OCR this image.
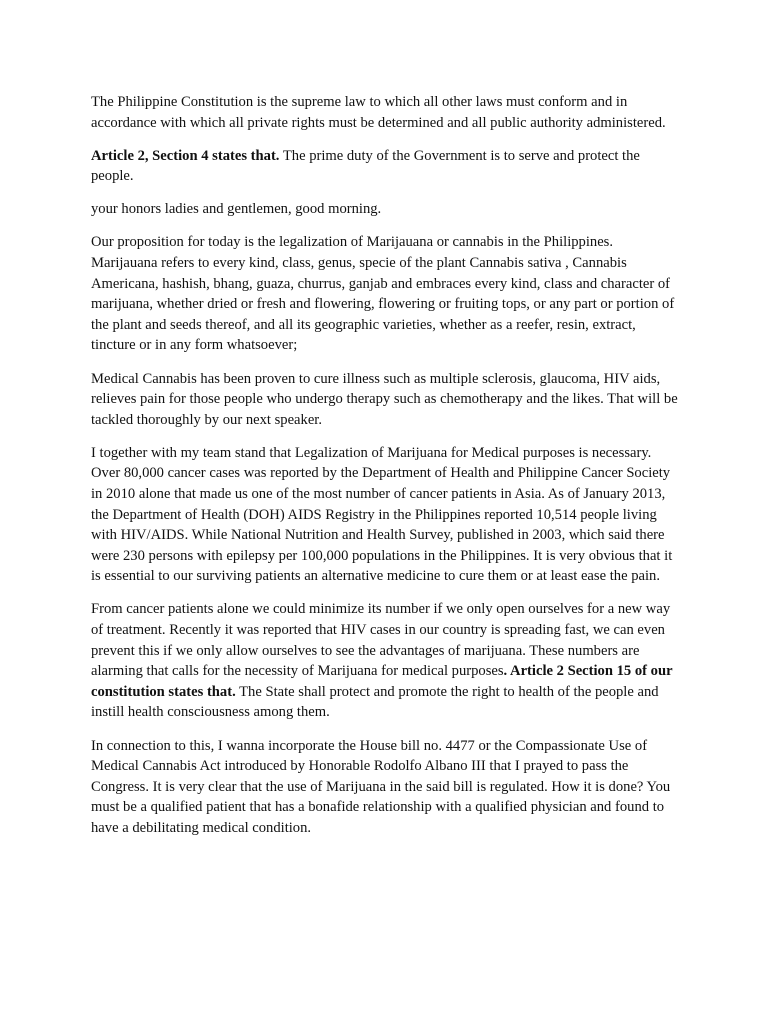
The Philippine Constitution is the supreme law to which all other laws must conform and in accordance with which all private rights must be determined and all public authority administered.

Article 2, Section 4 states that. The prime duty of the Government is to serve and protect the people.

your honors ladies and gentlemen, good morning.

Our proposition for today is the legalization of Marijauana or cannabis in the Philippines. Marijauana refers to every kind, class, genus, specie of the plant Cannabis sativa , Cannabis Americana, hashish, bhang, guaza, churrus, ganjab and embraces every kind, class and character of marijuana, whether dried or fresh and flowering, flowering or fruiting tops, or any part or portion of the plant and seeds thereof, and all its geographic varieties, whether as a reefer, resin, extract, tincture or in any form whatsoever;

Medical Cannabis has been proven to cure illness such as multiple sclerosis, glaucoma, HIV aids, relieves pain for those people who undergo therapy such as chemotherapy and the likes. That will be tackled thoroughly by our next speaker.

I together with my team stand that Legalization of Marijuana for Medical purposes is necessary. Over 80,000 cancer cases was reported by the Department of Health and Philippine Cancer Society in 2010 alone that made us one of the most number of cancer patients in Asia. As of January 2013, the Department of Health (DOH) AIDS Registry in the Philippines reported 10,514 people living with HIV/AIDS. While National Nutrition and Health Survey, published in 2003, which said there were 230 persons with epilepsy per 100,000 populations in the Philippines. It is very obvious that it is essential to our surviving patients an alternative medicine to cure them or at least ease the pain.

From cancer patients alone we could minimize its number if we only open ourselves for a new way of treatment. Recently it was reported that HIV cases in our country is spreading fast, we can even prevent this if we only allow ourselves to see the advantages of marijuana. These numbers are alarming that calls for the necessity of Marijuana for medical purposes. Article 2 Section 15 of our constitution states that. The State shall protect and promote the right to health of the people and instill health consciousness among them.

In connection to this, I wanna incorporate the House bill no. 4477 or the Compassionate Use of Medical Cannabis Act introduced by Honorable Rodolfo Albano III that I prayed to pass the Congress. It is very clear that the use of Marijuana in the said bill is regulated. How it is done? You must be a qualified patient that has a bonafide relationship with a qualified physician and found to have a debilitating medical condition.
